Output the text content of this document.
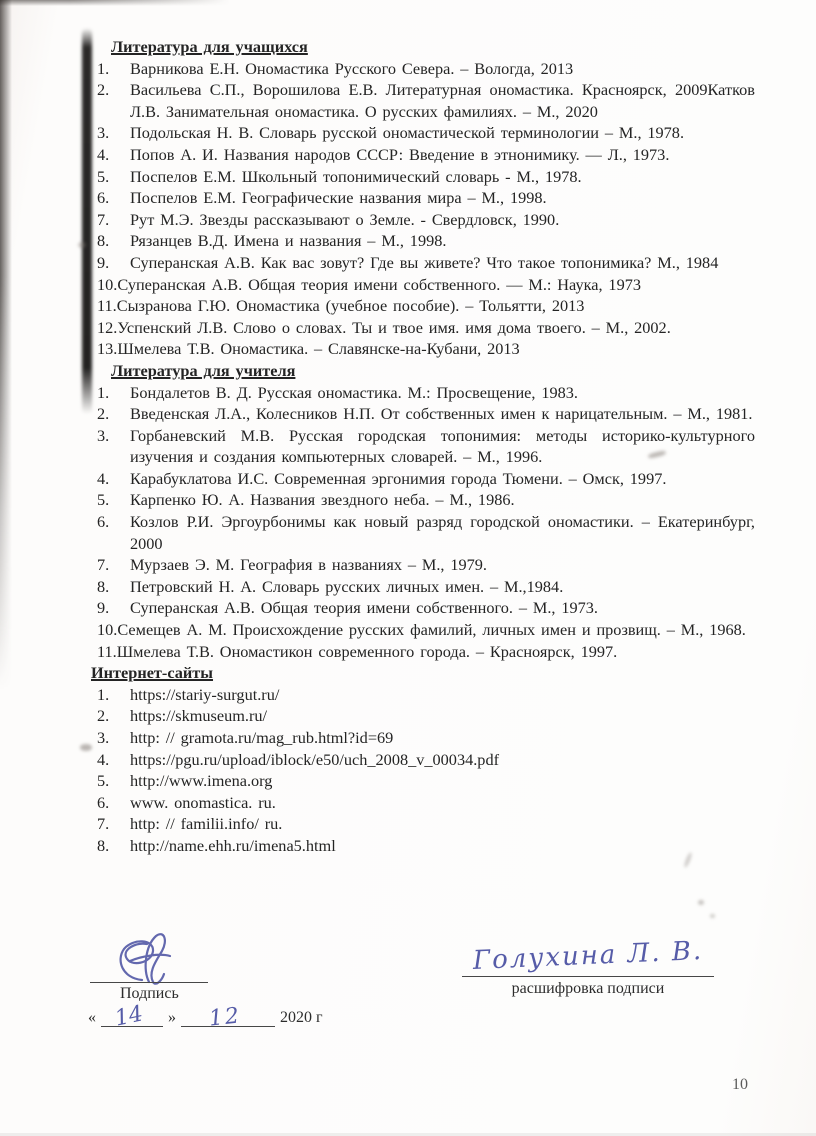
Литература для учащихся
1. Варникова Е.Н. Ономастика Русского Севера. – Вологда, 2013
2. Васильева С.П., Ворошилова Е.В. Литературная ономастика. Красноярск, 2009Катков Л.В. Занимательная ономастика. О русских фамилиях. – М., 2020
3. Подольская Н. В. Словарь русской ономастической терминологии – М., 1978.
4. Попов А. И. Названия народов СССР: Введение в этнонимику. — Л., 1973.
5. Поспелов Е.М. Школьный топонимический словарь - М., 1978.
6. Поспелов Е.М. Географические названия мира – М., 1998.
7. Рут М.Э. Звезды рассказывают о Земле. - Свердловск, 1990.
8. Рязанцев В.Д. Имена и названия – М., 1998.
9. Суперанская А.В. Как вас зовут? Где вы живете? Что такое топонимика? М., 1984
10.Суперанская А.В. Общая теория имени собственного. — М.: Наука, 1973
11.Сызранова Г.Ю. Ономастика (учебное пособие). – Тольятти, 2013
12.Успенский Л.В. Слово о словах. Ты и твое имя. имя дома твоего. – М., 2002.
13.Шмелева Т.В. Ономастика. – Славянске-на-Кубани, 2013
Литература для учителя
1. Бондалетов В. Д. Русская ономастика. М.: Просвещение, 1983.
2. Введенская Л.А., Колесников Н.П. От собственных имен к нарицательным. – М., 1981.
3. Горбаневский М.В. Русская городская топонимия: методы историко-культурного изучения и создания компьютерных словарей. – М., 1996.
4. Карабуклатова И.С. Современная эргонимия города Тюмени. – Омск, 1997.
5. Карпенко Ю. А. Названия звездного неба. – М., 1986.
6. Козлов Р.И. Эргоурбонимы как новый разряд городской ономастики. – Екатеринбург, 2000
7. Мурзаев Э. М. География в названиях – М., 1979.
8. Петровский Н. А. Словарь русских личных имен. – М.,1984.
9. Суперанская А.В. Общая теория имени собственного. – М., 1973.
10.Семещев А. М. Происхождение русских фамилий, личных имен и прозвищ. – М., 1968.
11.Шмелева Т.В. Ономастикон современного города. – Красноярск, 1997.
Интернет-сайты
1. https://stariy-surgut.ru/
2. https://skmuseum.ru/
3. http: // gramota.ru/mag_rub.html?id=69
4. https://pgu.ru/upload/iblock/e50/uch_2008_v_00034.pdf
5. http://www.imena.org
6. www. onomastica. ru.
7. http: // familii.info/ ru.
8. http://name.ehh.ru/imena5.html
Подпись
« 14 » 12 2020 г
Голухина Л. В.
расшифровка подписи
10
